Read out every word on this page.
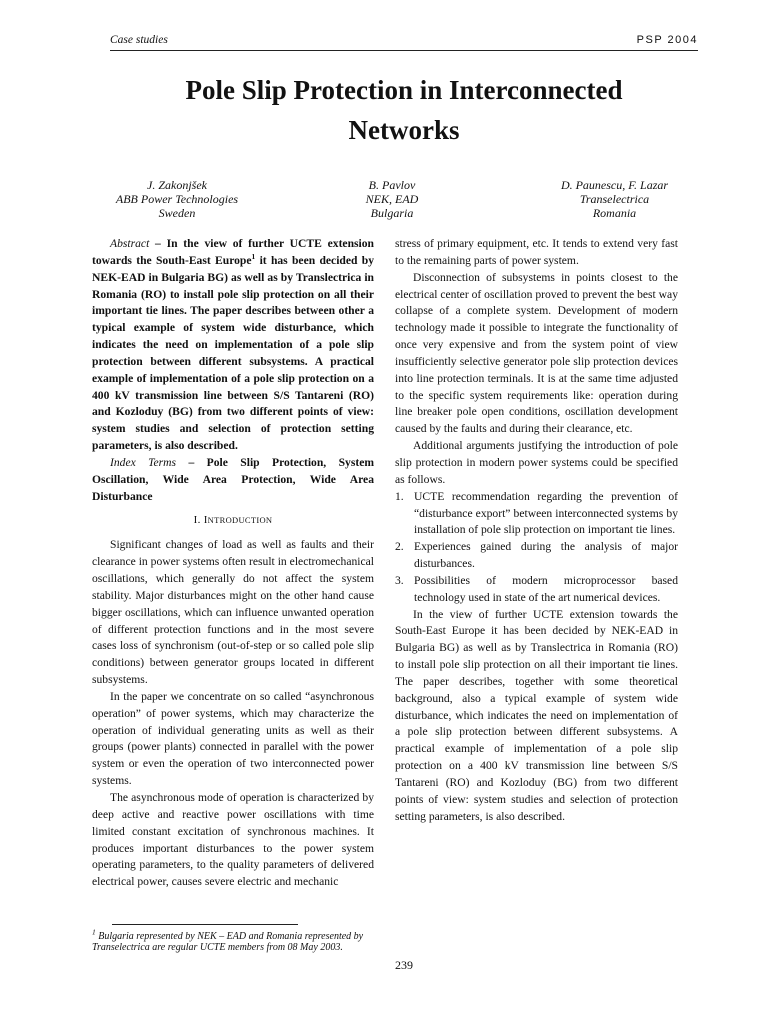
Case studies	PSP 2004
Pole Slip Protection in Interconnected
Networks
J. Zakonjšek
ABB Power Technologies
Sweden
B. Pavlov
NEK, EAD
Bulgaria
D. Paunescu, F. Lazar
Transelectrica
Romania

Abstract – In the view of further UCTE extension towards the South-East Europe$^1$ it has been decided by NEK-EAD in Bulgaria BG) as well as by Translectrica in Romania (RO) to install pole slip protection on all their important tie lines. The paper describes between other a typical example of system wide disturbance, which indicates the need on implementation of a pole slip protection between different subsystems. A practical example of implementation of a pole slip protection on a 400 kV transmission line between S/S Tantareni (RO) and Kozloduy (BG) from two different points of view: system studies and selection of protection setting parameters, is also described.

Index Terms – Pole Slip Protection, System Oscillation, Wide Area Protection, Wide Area Disturbance

I. INTRODUCTION

Significant changes of load as well as faults and their clearance in power systems often result in electromechanical oscillations, which generally do not affect the system stability. Major disturbances might on the other hand cause bigger oscillations, which can influence unwanted operation of different protection functions and in the most severe cases loss of synchronism (out-of-step or so called pole slip conditions) between generator groups located in different subsystems.

In the paper we concentrate on so called “asynchronous operation” of power systems, which may characterize the operation of individual generating units as well as their groups (power plants) connected in parallel with the power system or even the operation of two interconnected power systems.

The asynchronous mode of operation is characterized by deep active and reactive power oscillations with time limited constant excitation of synchronous machines. It produces important disturbances to the power system operating parameters, to the quality parameters of delivered electrical power, causes severe electric and mechanic

stress of primary equipment, etc. It tends to extend very fast to the remaining parts of power system.

Disconnection of subsystems in points closest to the electrical center of oscillation proved to prevent the best way collapse of a complete system. Development of modern technology made it possible to integrate the functionality of once very expensive and from the system point of view insufficiently selective generator pole slip protection devices into line protection terminals. It is at the same time adjusted to the specific system requirements like: operation during line breaker pole open conditions, oscillation development caused by the faults and during their clearance, etc.

Additional arguments justifying the introduction of pole slip protection in modern power systems could be specified as follows.

1. UCTE recommendation regarding the prevention of “disturbance export” between interconnected systems by installation of pole slip protection on important tie lines.
2. Experiences gained during the analysis of major disturbances.
3. Possibilities of modern microprocessor based technology used in state of the art numerical devices.

In the view of further UCTE extension towards the South-East Europe it has been decided by NEK-EAD in Bulgaria BG) as well as by Translectrica in Romania (RO) to install pole slip protection on all their important tie lines. The paper describes, together with some theoretical background, also a typical example of system wide disturbance, which indicates the need on implementation of a pole slip protection between different subsystems. A practical example of implementation of a pole slip protection on a 400 kV transmission line between S/S Tantareni (RO) and Kozloduy (BG) from two different points of view: system studies and selection of protection setting parameters, is also described.

$^1$ Bulgaria represented by NEK – EAD and Romania represented by Transelectrica are regular UCTE members from 08 May 2003.
239
